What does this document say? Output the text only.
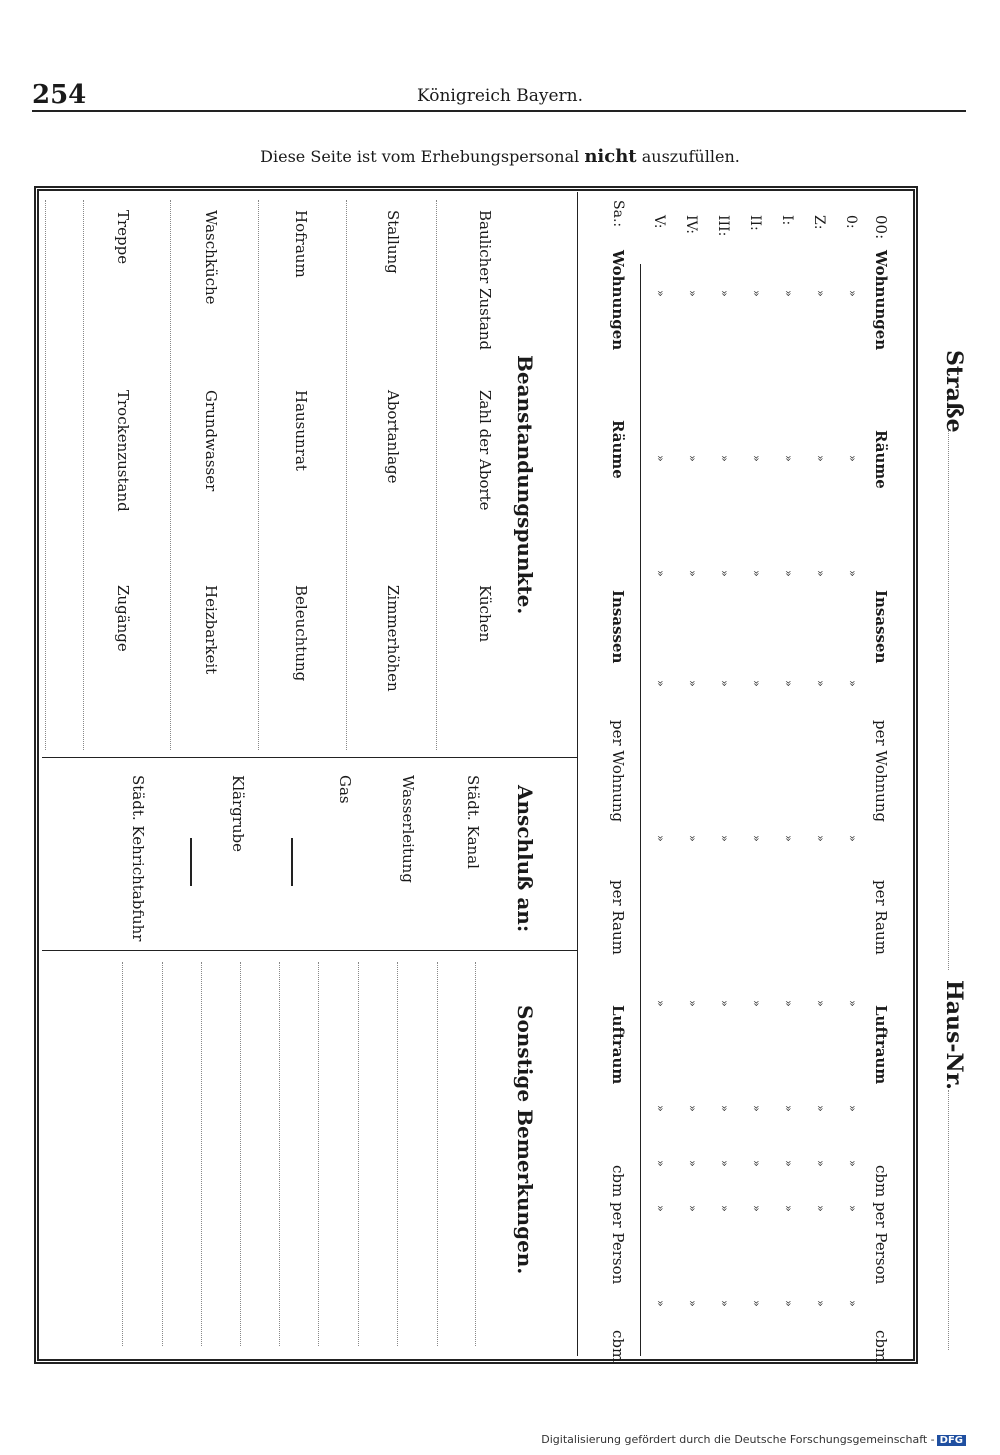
254	Königreich Bayern.
Diese Seite ist vom Erhebungspersonal nicht auszufüllen.
Straße
Haus-Nr.
Wohnungen
Räume
Insassen
per Wohnung
per Raum
Luftraum
cbm per Person
cbm
00:
0:
»
»
»
»
»
»
»
»
»
»
Z:
»
»
»
»
»
»
»
»
»
»
I:
»
»
»
»
»
»
»
»
»
»
II:
»
»
»
»
»
»
»
»
»
»
III:
»
»
»
»
»
»
»
»
»
»
IV:
»
»
»
»
»
»
»
»
»
»
V:
»
»
»
»
»
»
»
»
»
»
Sa.:
Wohnungen
Räume
Insassen
per Wohnung
per Raum
Luftraum
cbm per Person
cbm
Beanstandungspunkte.
Baulicher Zustand
Zahl der Aborte
Küchen
Stallung
Abortanlage
Zimmerhöhen
Hofraum
Hausunrat
Beleuchtung
Waschküche
Grundwasser
Heizbarkeit
Treppe
Trockenzustand
Zugänge
Anschluß an:
Städt. Kanal
Wasserleitung
Gas
Klärgrube
Städt. Kehrichtabfuhr
Sonstige Bemerkungen.
Digitalisierung gefördert durch die Deutsche Forschungsgemeinschaft - DFG
